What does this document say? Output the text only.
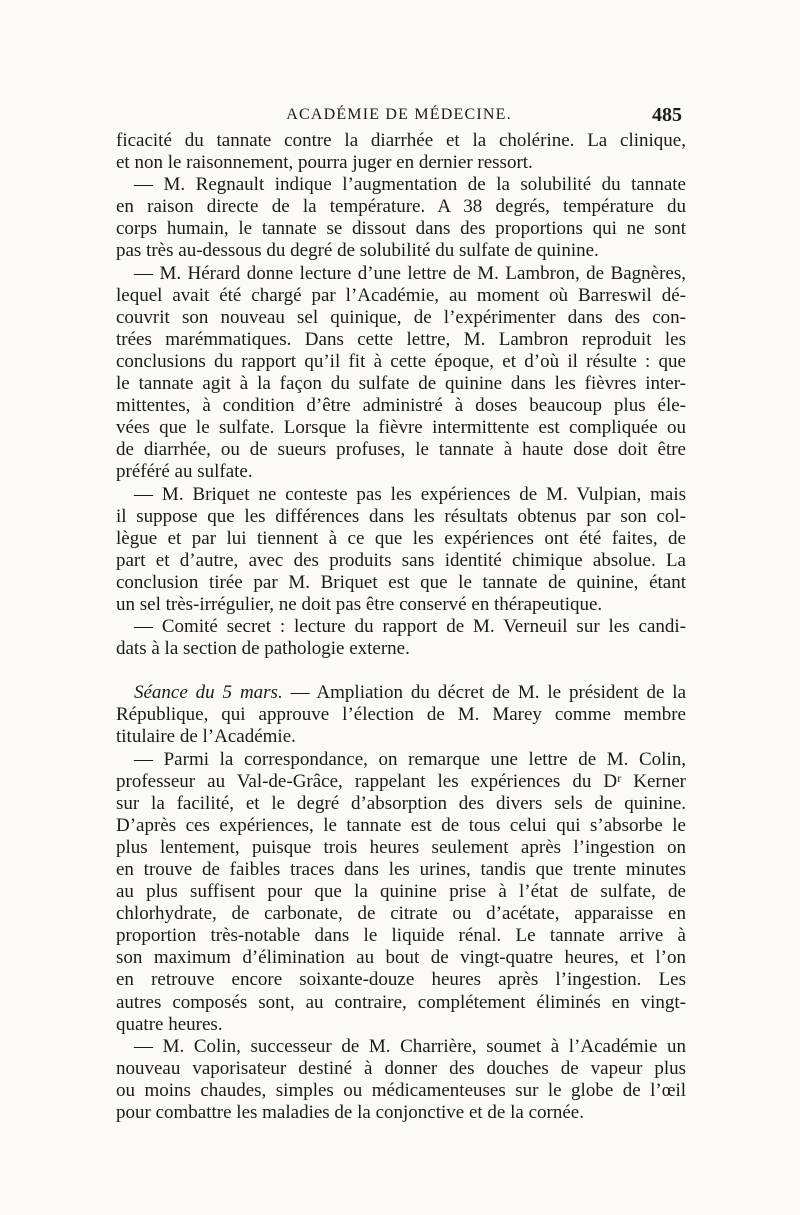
ACADÉMIE DE MÉDECINE.	485

ficacité du tannate contre la diarrhée et la cholérine. La clinique,

et non le raisonnement, pourra juger en dernier ressort.

— M. Regnault indique l’augmentation de la solubilité du tannate

en raison directe de la température. A 38 degrés, température du

corps humain, le tannate se dissout dans des proportions qui ne sont

pas très au-dessous du degré de solubilité du sulfate de quinine.

— M. Hérard donne lecture d’une lettre de M. Lambron, de Bagnères,

lequel avait été chargé par l’Académie, au moment où Barreswil dé-

couvrit son nouveau sel quinique, de l’expérimenter dans des con-

trées marémmatiques. Dans cette lettre, M. Lambron reproduit les

conclusions du rapport qu’il fit à cette époque, et d’où il résulte : que

le tannate agit à la façon du sulfate de quinine dans les fièvres inter-

mittentes, à condition d’être administré à doses beaucoup plus éle-

vées que le sulfate. Lorsque la fièvre intermittente est compliquée ou

de diarrhée, ou de sueurs profuses, le tannate à haute dose doit être

préféré au sulfate.

— M. Briquet ne conteste pas les expériences de M. Vulpian, mais

il suppose que les différences dans les résultats obtenus par son col-

lègue et par lui tiennent à ce que les expériences ont été faites, de

part et d’autre, avec des produits sans identité chimique absolue. La

conclusion tirée par M. Briquet est que le tannate de quinine, étant

un sel très-irrégulier, ne doit pas être conservé en thérapeutique.

— Comité secret : lecture du rapport de M. Verneuil sur les candi-

dats à la section de pathologie externe.

Séance du 5 mars. — Ampliation du décret de M. le président de la

République, qui approuve l’élection de M. Marey comme membre

titulaire de l’Académie.

— Parmi la correspondance, on remarque une lettre de M. Colin,

professeur au Val-de-Grâce, rappelant les expériences du Dʳ Kerner

sur la facilité, et le degré d’absorption des divers sels de quinine.

D’après ces expériences, le tannate est de tous celui qui s’absorbe le

plus lentement, puisque trois heures seulement après l’ingestion on

en trouve de faibles traces dans les urines, tandis que trente minutes

au plus suffisent pour que la quinine prise à l’état de sulfate, de

chlorhydrate, de carbonate, de citrate ou d’acétate, apparaisse en

proportion très-notable dans le liquide rénal. Le tannate arrive à

son maximum d’élimination au bout de vingt-quatre heures, et l’on

en retrouve encore soixante-douze heures après l’ingestion. Les

autres composés sont, au contraire, complétement éliminés en vingt-

quatre heures.

— M. Colin, successeur de M. Charrière, soumet à l’Académie un

nouveau vaporisateur destiné à donner des douches de vapeur plus

ou moins chaudes, simples ou médicamenteuses sur le globe de l’œil

pour combattre les maladies de la conjonctive et de la cornée.
